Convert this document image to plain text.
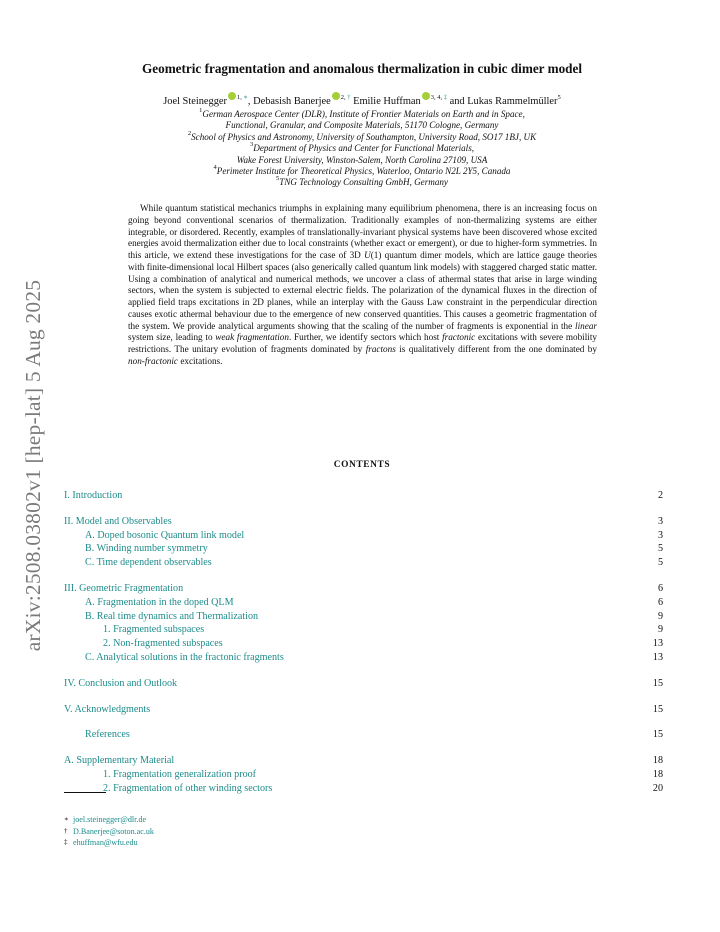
arXiv:2508.03802v1 [hep-lat] 5 Aug 2025
Geometric fragmentation and anomalous thermalization in cubic dimer model
Joel Steinegger $^{1, ∗}$, Debasish Banerjee $^{2, \dagger}$ Emilie Huffman $^{3, 4, \ddagger}$ and Lukas Rammelmüller$^5$
$^1$German Aerospace Center (DLR), Institute of Frontier Materials on Earth and in Space,
Functional, Granular, and Composite Materials, 51170 Cologne, Germany
$^2$School of Physics and Astronomy, University of Southampton, University Road, SO17 1BJ, UK
$^3$Department of Physics and Center for Functional Materials,
Wake Forest University, Winston-Salem, North Carolina 27109, USA
$^4$Perimeter Institute for Theoretical Physics, Waterloo, Ontario N2L 2Y5, Canada
$^5$TNG Technology Consulting GmbH, Germany

While quantum statistical mechanics triumphs in explaining many equilibrium phenomena, there is an increasing focus on going beyond conventional scenarios of thermalization. Traditionally examples of non-thermalizing systems are either integrable, or disordered. Recently, examples of translationally-invariant physical systems have been discovered whose excited energies avoid thermalization either due to local constraints (whether exact or emergent), or due to higher-form symmetries. In this article, we extend these investigations for the case of 3D U(1) quantum dimer models, which are lattice gauge theories with finite-dimensional local Hilbert spaces (also generically called quantum link models) with staggered charged static matter. Using a combination of analytical and numerical methods, we uncover a class of athermal states that arise in large winding sectors, when the system is subjected to external electric fields. The polarization of the dynamical fluxes in the direction of applied field traps excitations in 2D planes, while an interplay with the Gauss Law constraint in the perpendicular direction causes exotic athermal behaviour due to the emergence of new conserved quantities. This causes a geometric fragmentation of the system. We provide analytical arguments showing that the scaling of the number of fragments is exponential in the linear system size, leading to weak fragmentation. Further, we identify sectors which host fractonic excitations with severe mobility restrictions. The unitary evolution of fragments dominated by fractons is qualitatively different from the one dominated by non-fractonic excitations.

CONTENTS
I. Introduction	2
II. Model and Observables	3
A. Doped bosonic Quantum link model	3
B. Winding number symmetry	5
C. Time dependent observables	5
III. Geometric Fragmentation	6
A. Fragmentation in the doped QLM	6
B. Real time dynamics and Thermalization	9
1. Fragmented subspaces	9
2. Non-fragmented subspaces	13
C. Analytical solutions in the fractonic fragments	13
IV. Conclusion and Outlook	15
V. Acknowledgments	15
References	15
A. Supplementary Material	18
1. Fragmentation generalization proof	18
2. Fragmentation of other winding sectors	20
∗ joel.steinegger@dlr.de
† D.Banerjee@soton.ac.uk
‡ ehuffman@wfu.edu
